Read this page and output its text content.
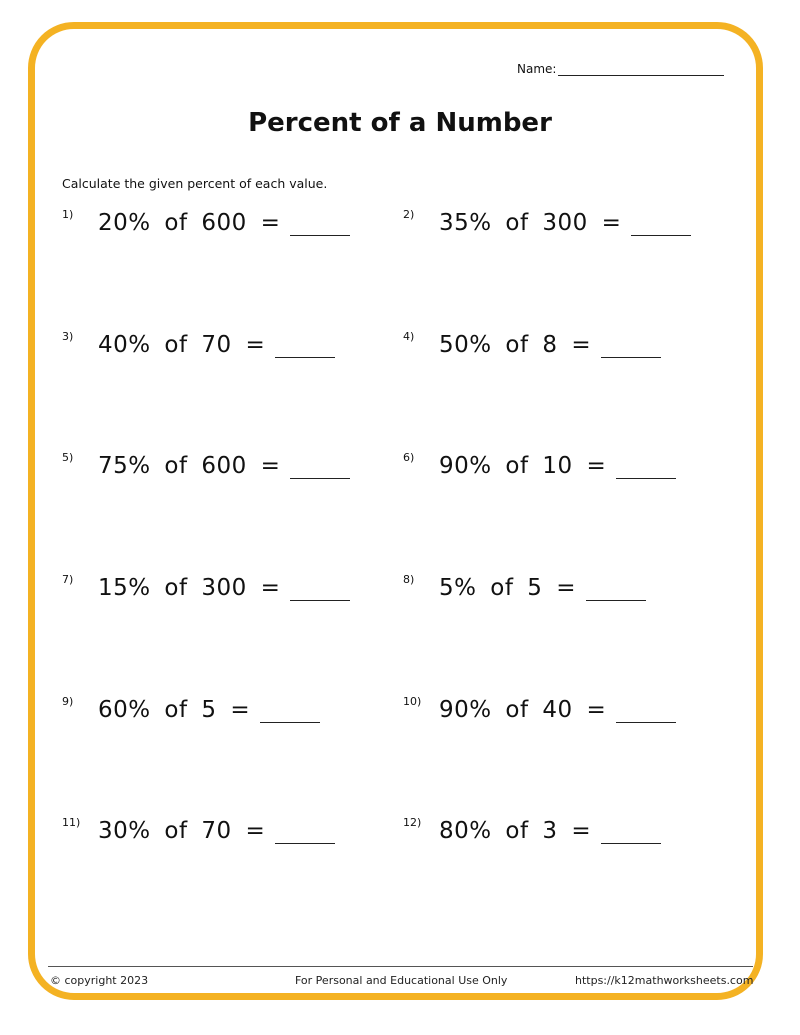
Name:
Percent of a Number
Calculate the given percent of each value.
1)	20% of 600 =	2)	35% of 300 =
3)	40% of 70 =	4)	50% of 8 =
5)	75% of 600 =	6)	90% of 10 =
7)	15% of 300 =	8)	5% of 5 =
9)	60% of 5 =	10) 90% of 40 =
11) 30% of 70 =	12) 80% of 3 =
© copyright 2023	For Personal and Educational Use Only	https://k12mathworksheets.com
